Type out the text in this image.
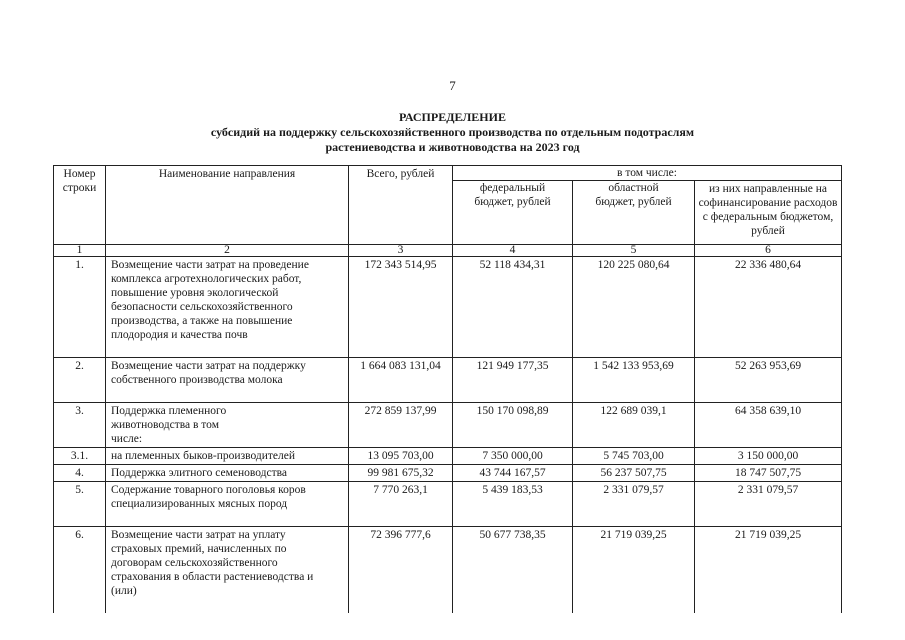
7
РАСПРЕДЕЛЕНИЕ
субсидий на поддержку сельскохозяйственного производства по отдельным подотраслям
растениеводства и животноводства на 2023 год
Номер строки	Наименование направления	Всего, рублей	в том числе:		
			федеральный бюджет, рублей	областной бюджет, рублей	из них направленные на софинансирование расходов с федеральным бюджетом, рублей
1	2	3	4	5	6
1.	Возмещение части затрат на проведение комплекса агротехнологических работ, повышение уровня экологической безопасности сельскохозяйственного производства, а также на повышение плодородия и качества почв	172 343 514,95	52 118 434,31	120 225 080,64	22 336 480,64
2.	Возмещение части затрат на поддержку собственного производства молока	1 664 083 131,04	121 949 177,35	1 542 133 953,69	52 263 953,69
3.	Поддержка племенного животноводства в том числе:	272 859 137,99	150 170 098,89	122 689 039,1	64 358 639,10
3.1.	на племенных быков-производителей	13 095 703,00	7 350 000,00	5 745 703,00	3 150 000,00
4.	Поддержка элитного семеноводства	99 981 675,32	43 744 167,57	56 237 507,75	18 747 507,75
5.	Содержание товарного поголовья коров специализированных мясных пород	7 770 263,1	5 439 183,53	2 331 079,57	2 331 079,57
6.	Возмещение части затрат на уплату страховых премий, начисленных по договорам сельскохозяйственного страхования в области растениеводства и (или)	72 396 777,6	50 677 738,35	21 719 039,25	21 719 039,25
